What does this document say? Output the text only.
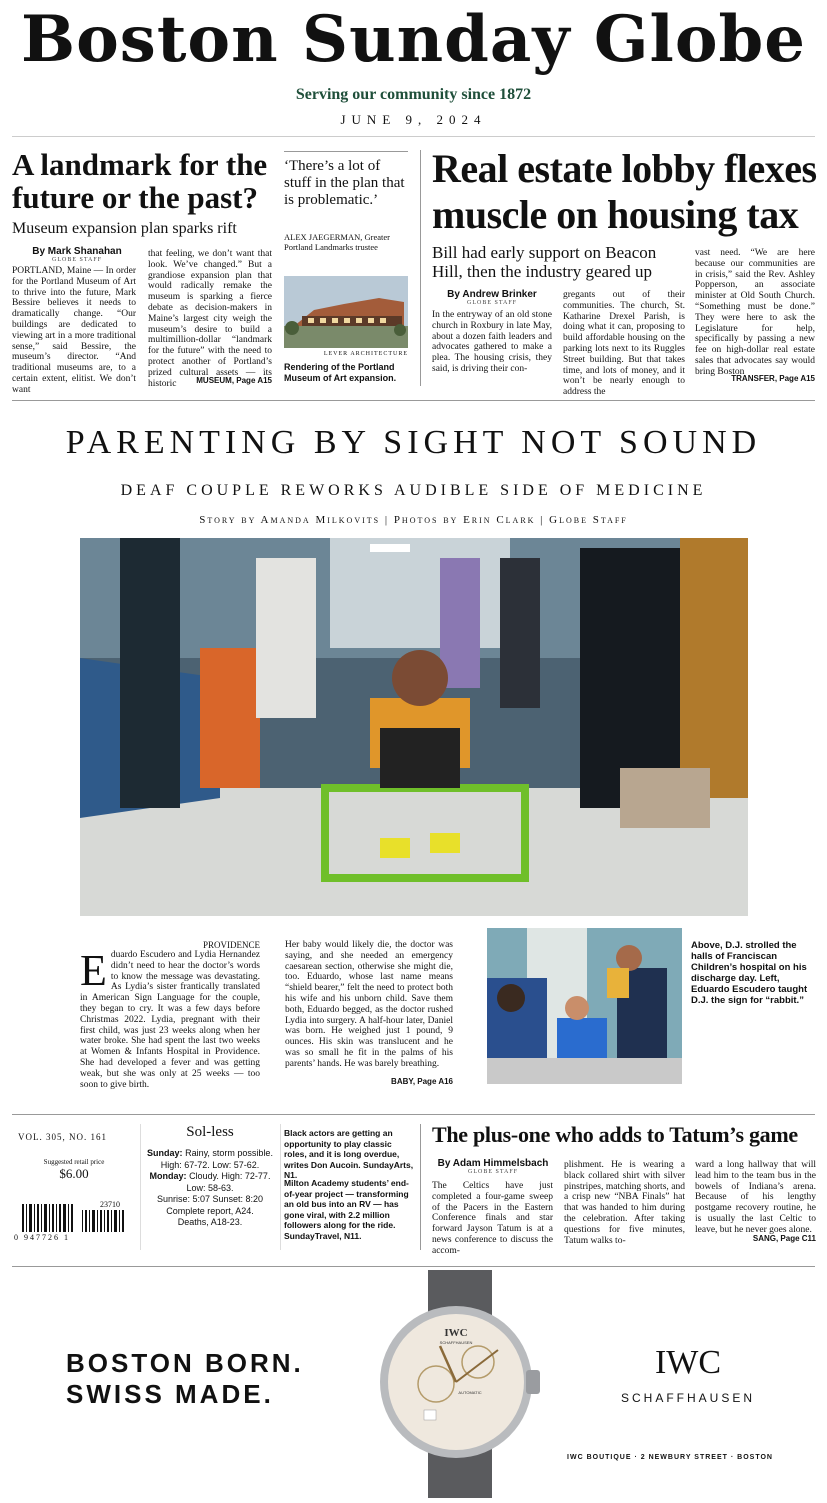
Boston Sunday Globe
Serving our community since 1872
JUNE 9, 2024
A landmark for the future or the past?
Museum expansion plan sparks rift
By Mark Shanahan
GLOBE STAFF
PORTLAND, Maine — In order for the Portland Museum of Art to thrive into the future, Mark Bessire believes it needs to dramatically change. “Our buildings are dedicated to viewing art in a more traditional sense,” said Bessire, the museum’s director. “And traditional museums are, to a certain extent, elitist. We don’t want
that feeling, we don’t want that look. We’ve changed.” But a grandiose expansion plan that would radically remake the museum is sparking a fierce debate as decision-makers in Maine’s largest city weigh the museum’s desire to build a multimillion-dollar “landmark for the future” with the need to protect another of Portland’s prized cultural assets — its historic	MUSEUM, Page A15
‘There’s a lot of stuff in the plan that is problematic.’
ALEX JAEGERMAN, Greater Portland Landmarks trustee
LEVER ARCHITECTURE
Rendering of the Portland Museum of Art expansion.
Real estate lobby flexes muscle on housing tax
Bill had early support on Beacon Hill, then the industry geared up
By Andrew Brinker
GLOBE STAFF
In the entryway of an old stone church in Roxbury in late May, about a dozen faith leaders and advocates gathered to make a plea. The housing crisis, they said, is driving their con-
gregants out of their communities. The church, St. Katharine Drexel Parish, is doing what it can, proposing to build affordable housing on the parking lots next to its Ruggles Street building. But that takes time, and lots of money, and it won’t be nearly enough to address the
vast need. “We are here because our communities are in crisis,” said the Rev. Ashley Popperson, an associate minister at Old South Church. “Something must be done.” They were here to ask the Legislature for help, specifically by passing a new fee on high-dollar real estate sales that advocates say would bring Boston
TRANSFER, Page A15
PARENTING BY SIGHT NOT SOUND
DEAF COUPLE REWORKS AUDIBLE SIDE OF MEDICINE
Story by Amanda Milkovits | Photos by Erin Clark | Globe Staff
PROVIDENCE
Eduardo Escudero and Lydia Hernandez didn’t need to hear the doctor’s words to know the message was devastating. As Lydia’s sister frantically translated in American Sign Language for the couple, they began to cry. It was a few days before Christmas 2022. Lydia, pregnant with their first child, was just 23 weeks along when her water broke. She had spent the last two weeks at Women & Infants Hospital in Providence. She had developed a fever and was getting weak, but she was only at 25 weeks — too soon to give birth.
Her baby would likely die, the doctor was saying, and she needed an emergency caesarean section, otherwise she might die, too. Eduardo, whose last name means “shield bearer,” felt the need to protect both his wife and his unborn child. Save them both, Eduardo begged, as the doctor rushed Lydia into surgery. A half-hour later, Daniel was born. He weighed just 1 pound, 9 ounces. His skin was translucent and he was so small he fit in the palms of his parents’ hands. He was barely breathing.
BABY, Page A16
Above, D.J. strolled the halls of Franciscan Children’s hospital on his discharge day. Left, Eduardo Escudero taught D.J. the sign for “rabbit.”
VOL. 305, NO. 161
Suggested retail price
$6.00
23710
0 947726 1
Sol-less
Sunday: Rainy, storm possible. High: 67-72. Low: 57-62.
Monday: Cloudy. High: 72-77. Low: 58-63.
Sunrise: 5:07 Sunset: 8:20
Complete report, A24.
Deaths, A18-23.
Black actors are getting an opportunity to play classic roles, and it is long overdue, writes Don Aucoin. SundayArts, N1.
Milton Academy students’ end-of-year project — transforming an old bus into an RV — has gone viral, with 2.2 million followers along for the ride. SundayTravel, N11.
The plus-one who adds to Tatum’s game
By Adam Himmelsbach
GLOBE STAFF
The Celtics have just completed a four-game sweep of the Pacers in the Eastern Conference finals and star forward Jayson Tatum is at a news conference to discuss the accom-
plishment. He is wearing a black collared shirt with silver pinstripes, matching shorts, and a crisp new “NBA Finals” hat that was handed to him during the celebration. After taking questions for five minutes, Tatum walks to-
ward a long hallway that will lead him to the team bus in the bowels of Indiana’s arena. Because of his lengthy postgame recovery routine, he is usually the last Celtic to leave, but he never goes alone.
SANG, Page C11
BOSTON BORN.
SWISS MADE.
IWC
SCHAFFHAUSEN
AUTOMATIC
IWC
SCHAFFHAUSEN
IWC BOUTIQUE · 2 NEWBURY STREET · BOSTON
